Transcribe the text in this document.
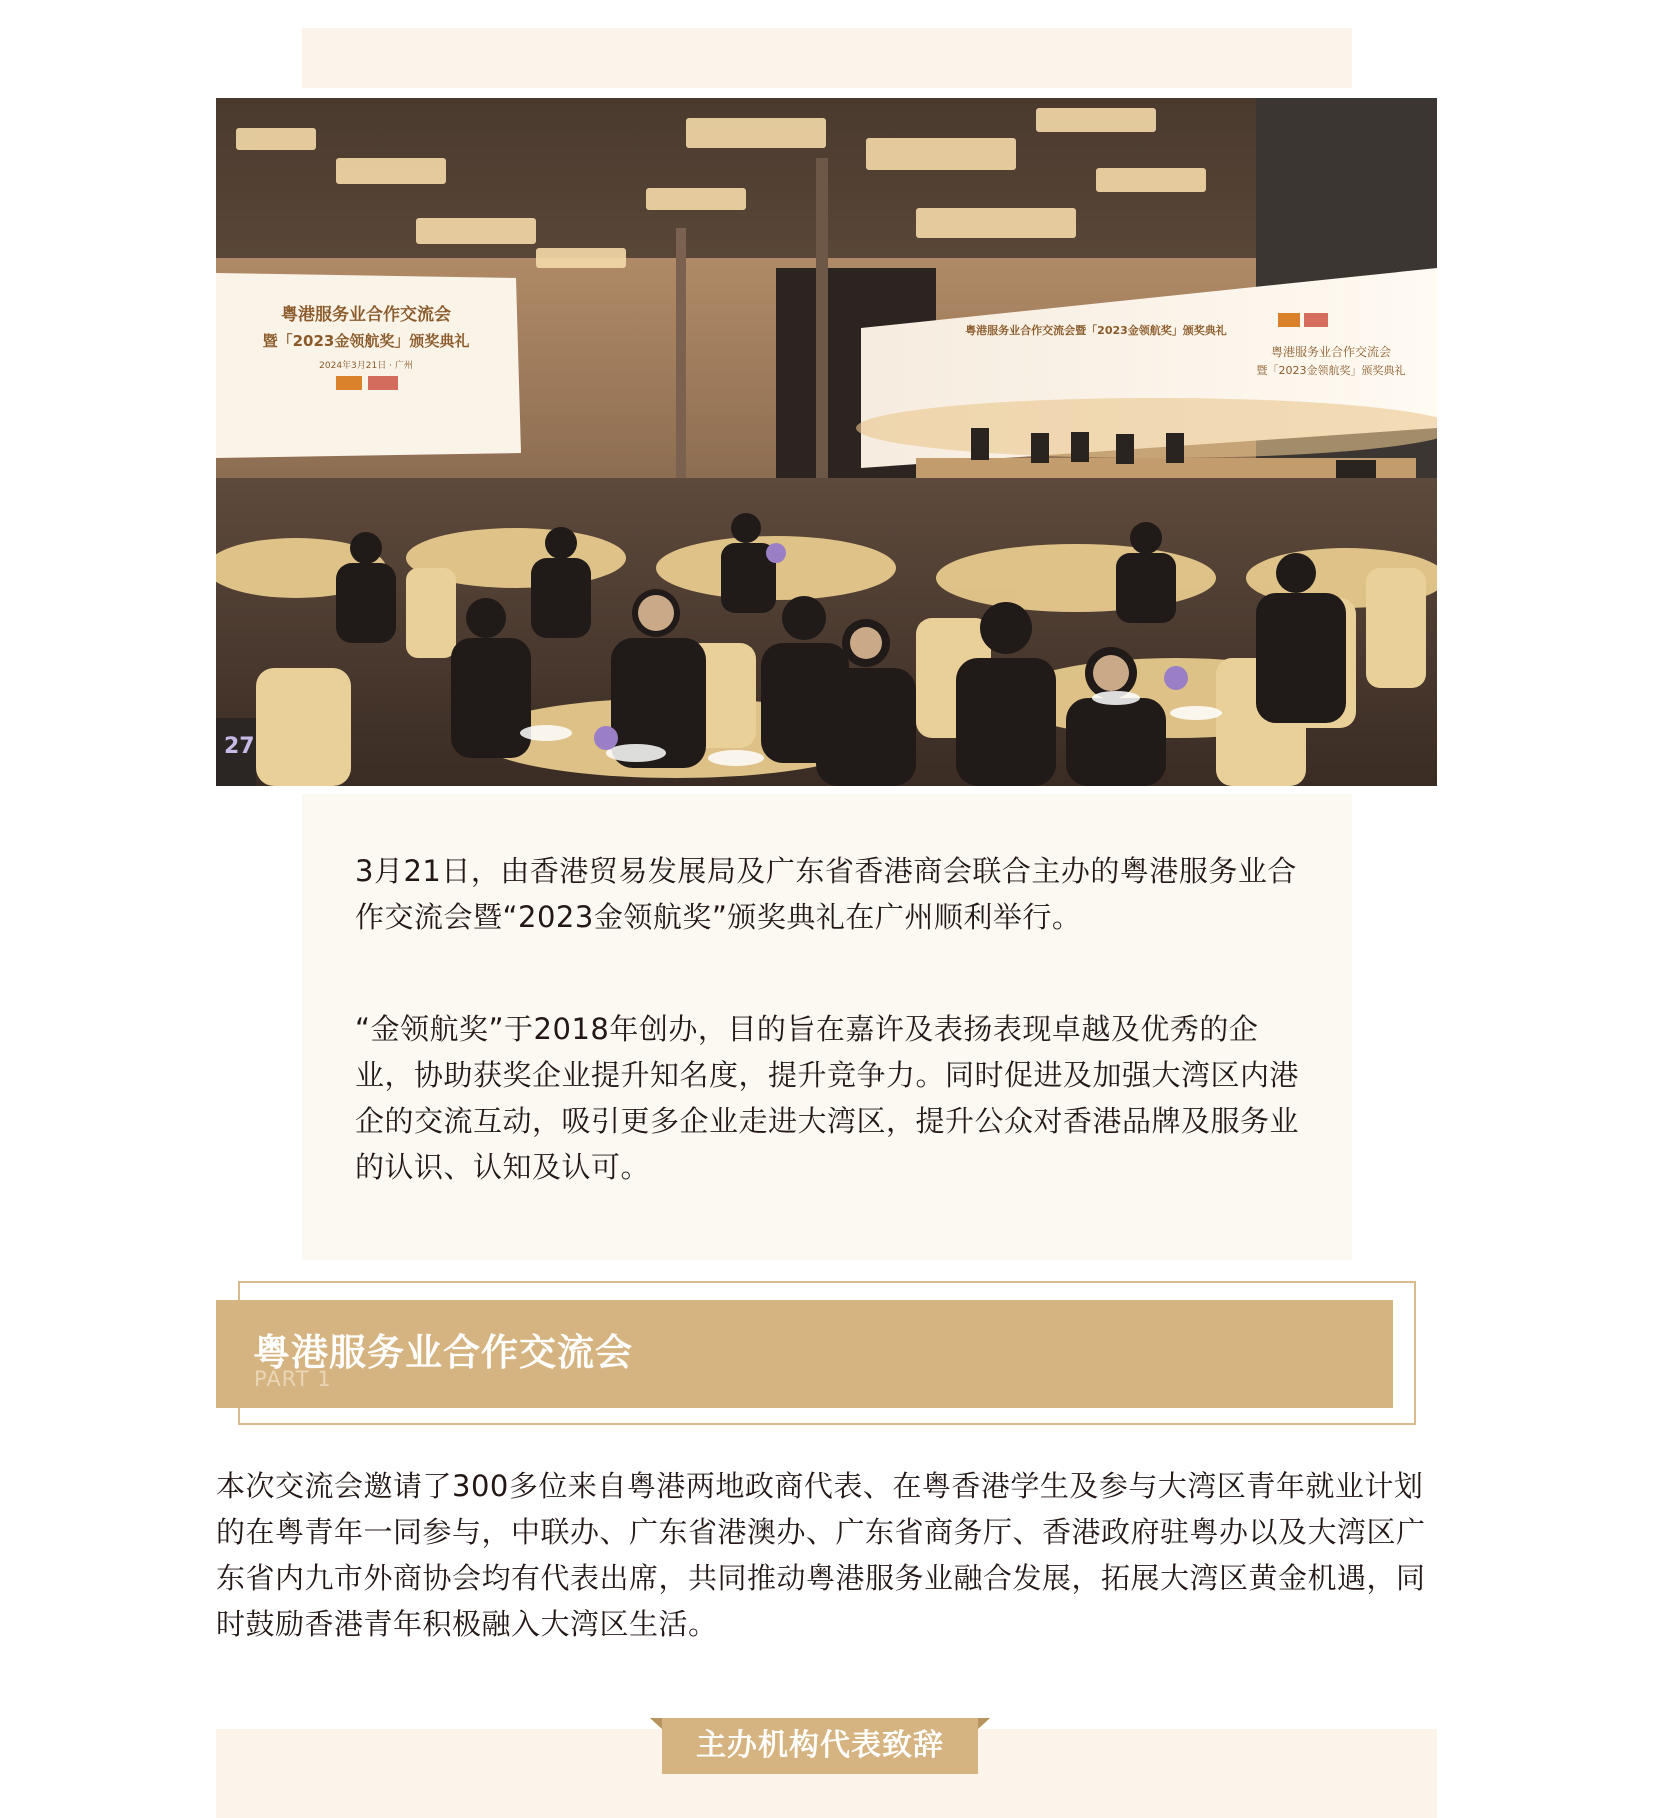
粤港服务业合作交流会
暨「2023金领航奖」颁奖典礼
2024年3月21日 · 广州
粤港服务业合作交流会暨「2023金领航奖」颁奖典礼
粤港服务业合作交流会
暨「2023金领航奖」颁奖典礼
27

3月21日，由香港贸易发展局及广东省香港商会联合主办的粤港服务业合作交流会暨“2023金领航奖”颁奖典礼在广州顺利举行。

“金领航奖”于2018年创办，目的旨在嘉许及表扬表现卓越及优秀的企业，协助获奖企业提升知名度，提升竞争力。同时促进及加强大湾区内港企的交流互动，吸引更多企业走进大湾区，提升公众对香港品牌及服务业的认识、认知及认可。

粤港服务业合作交流会
PART 1

本次交流会邀请了300多位来自粤港两地政商代表、在粤香港学生及参与大湾区青年就业计划的在粤青年一同参与，中联办、广东省港澳办、广东省商务厅、香港政府驻粤办以及大湾区广东省内九市外商协会均有代表出席，共同推动粤港服务业融合发展，拓展大湾区黄金机遇，同时鼓励香港青年积极融入大湾区生活。

主办机构代表致辞
